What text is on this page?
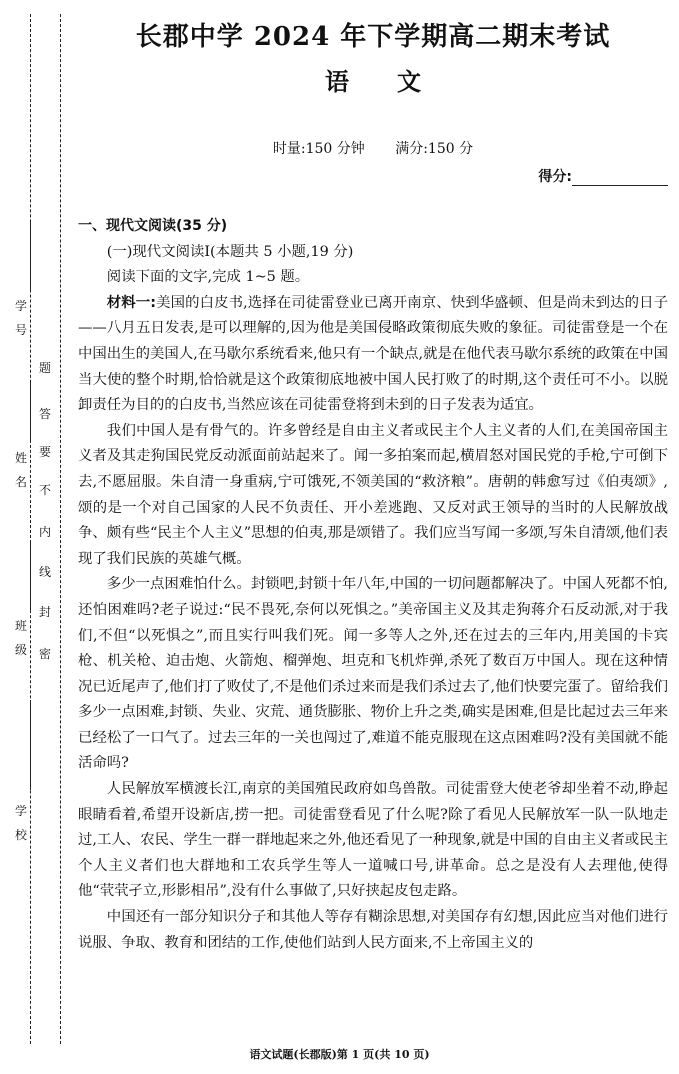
学
号
姓
名
班
级
学
校
题
答
要
不
内
线
封
密
长郡中学 2024 年下学期高二期末考试
语文
时量:150 分钟 满分:150 分
得分:

一、现代文阅读(35 分)

(一)现代文阅读Ⅰ(本题共 5 小题,19 分)

阅读下面的文字,完成 1~5 题。

材料一:美国的白皮书,选择在司徒雷登业已离开南京、快到华盛顿、但是尚未到达的日子——八月五日发表,是可以理解的,因为他是美国侵略政策彻底失败的象征。司徒雷登是一个在中国出生的美国人,在马歇尔系统看来,他只有一个缺点,就是在他代表马歇尔系统的政策在中国当大使的整个时期,恰恰就是这个政策彻底地被中国人民打败了的时期,这个责任可不小。以脱卸责任为目的的白皮书,当然应该在司徒雷登将到未到的日子发表为适宜。

我们中国人是有骨气的。许多曾经是自由主义者或民主个人主义者的人们,在美国帝国主义者及其走狗国民党反动派面前站起来了。闻一多拍案而起,横眉怒对国民党的手枪,宁可倒下去,不愿屈服。朱自清一身重病,宁可饿死,不领美国的“救济粮”。唐朝的韩愈写过《伯夷颂》,颂的是一个对自己国家的人民不负责任、开小差逃跑、又反对武王领导的当时的人民解放战争、颇有些“民主个人主义”思想的伯夷,那是颂错了。我们应当写闻一多颂,写朱自清颂,他们表现了我们民族的英雄气概。

多少一点困难怕什么。封锁吧,封锁十年八年,中国的一切问题都解决了。中国人死都不怕,还怕困难吗?老子说过:“民不畏死,奈何以死惧之。”美帝国主义及其走狗蒋介石反动派,对于我们,不但“以死惧之”,而且实行叫我们死。闻一多等人之外,还在过去的三年内,用美国的卡宾枪、机关枪、迫击炮、火箭炮、榴弹炮、坦克和飞机炸弹,杀死了数百万中国人。现在这种情况已近尾声了,他们打了败仗了,不是他们杀过来而是我们杀过去了,他们快要完蛋了。留给我们多少一点困难,封锁、失业、灾荒、通货膨胀、物价上升之类,确实是困难,但是比起过去三年来已经松了一口气了。过去三年的一关也闯过了,难道不能克服现在这点困难吗?没有美国就不能活命吗?

人民解放军横渡长江,南京的美国殖民政府如鸟兽散。司徒雷登大使老爷却坐着不动,睁起眼睛看着,希望开设新店,捞一把。司徒雷登看见了什么呢?除了看见人民解放军一队一队地走过,工人、农民、学生一群一群地起来之外,他还看见了一种现象,就是中国的自由主义者或民主个人主义者们也大群地和工农兵学生等人一道喊口号,讲革命。总之是没有人去理他,使得他“茕茕孑立,形影相吊”,没有什么事做了,只好挟起皮包走路。

中国还有一部分知识分子和其他人等存有糊涂思想,对美国存有幻想,因此应当对他们进行说服、争取、教育和团结的工作,使他们站到人民方面来,不上帝国主义的

语文试题(长郡版)第 1 页(共 10 页)
